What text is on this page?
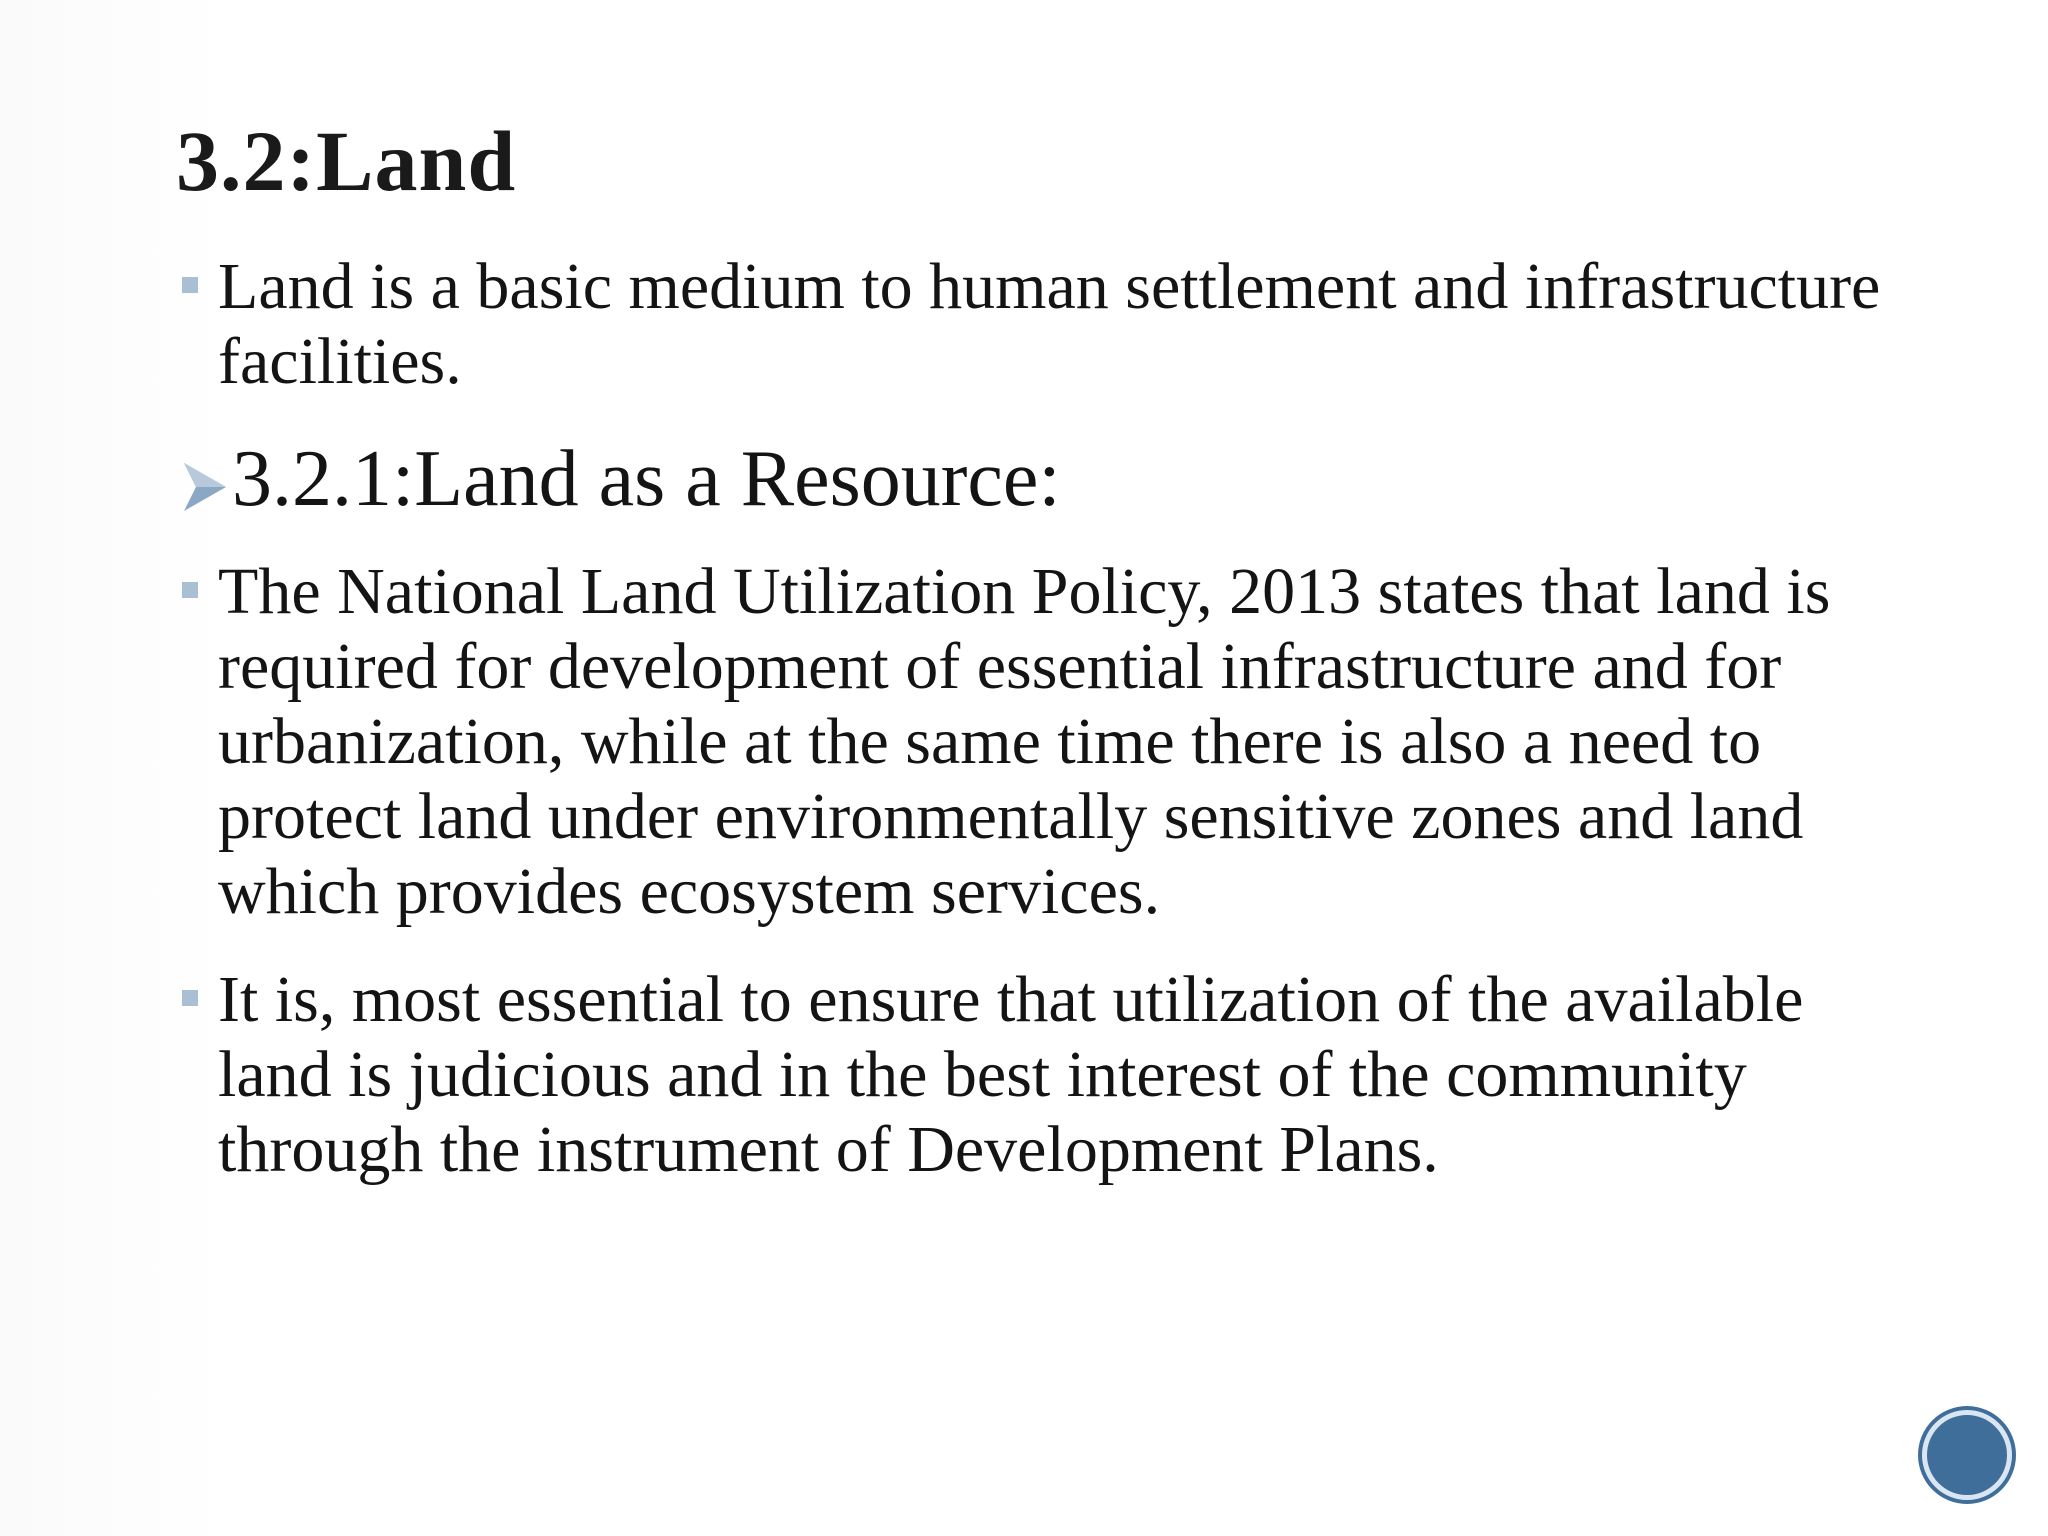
3.2:Land
Land is a basic medium to human settlement and infrastructure facilities.
3.2.1:Land as a Resource:
The National Land Utilization Policy, 2013 states that land is required for development of essential infrastructure and for urbanization, while at the same time there is also a need to protect land under environmentally sensitive zones and land which provides ecosystem services.
It is, most essential to ensure that utilization of the available land is judicious and in the best interest of the community through the instrument of Development Plans.
